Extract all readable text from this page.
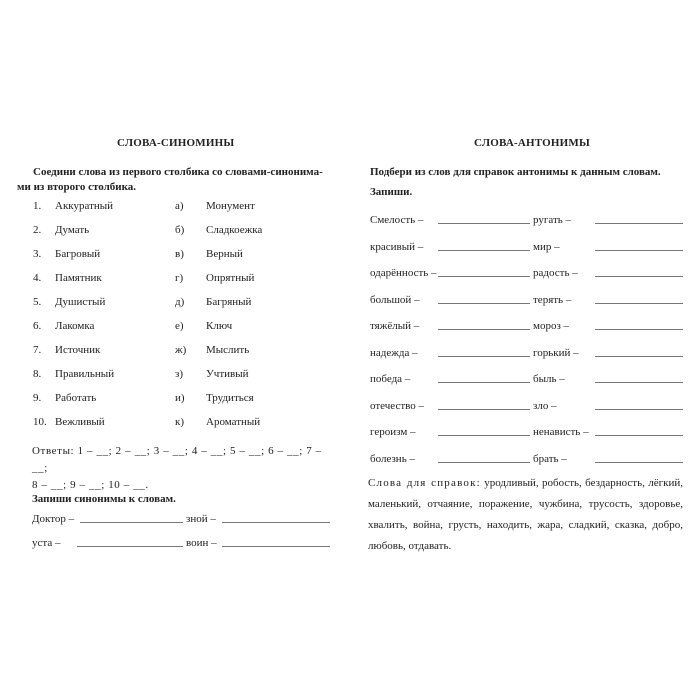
СЛОВА-СИНОМИНЫ
Соедини слова из первого столбика со словами-синонима-
ми из второго столбика.
1. Аккуратный	а) Монумент
2. Думать	б) Сладкоежка
3. Багровый	в) Верный
4. Памятник	г) Опрятный
5. Душистый	д) Багряный
6. Лакомка	е) Ключ
7. Источник	ж) Мыслить
8. Правильный	з) Учтивый
9. Работать	и) Трудиться
10. Вежливый	к) Ароматный
Ответы: 1 – __; 2 – __; 3 – __; 4 – __; 5 – __; 6 – __; 7 – __;
8 – __; 9 – __; 10 – __.
Запиши синонимы к словам.
Доктор –	зной –
уста –	воин –
СЛОВА-АНТОНИМЫ
Подбери из слов для справок антонимы к данным словам.
Запиши.
Смелость –	ругать –
красивый –	мир –
одарённость –	радость –
большой –	терять –
тяжёлый –	мороз –
надежда –	горький –
победа –	быль –
отечество –	зло –
героизм –	ненависть –
болезнь –	брать –
Слова для справок: уродливый, робость, бездарность, лёгкий, маленький, отчаяние, поражение, чужбина, трусость, здоровье, хвалить, война, грусть, находить, жара, сладкий, сказка, добро, любовь, отдавать.
